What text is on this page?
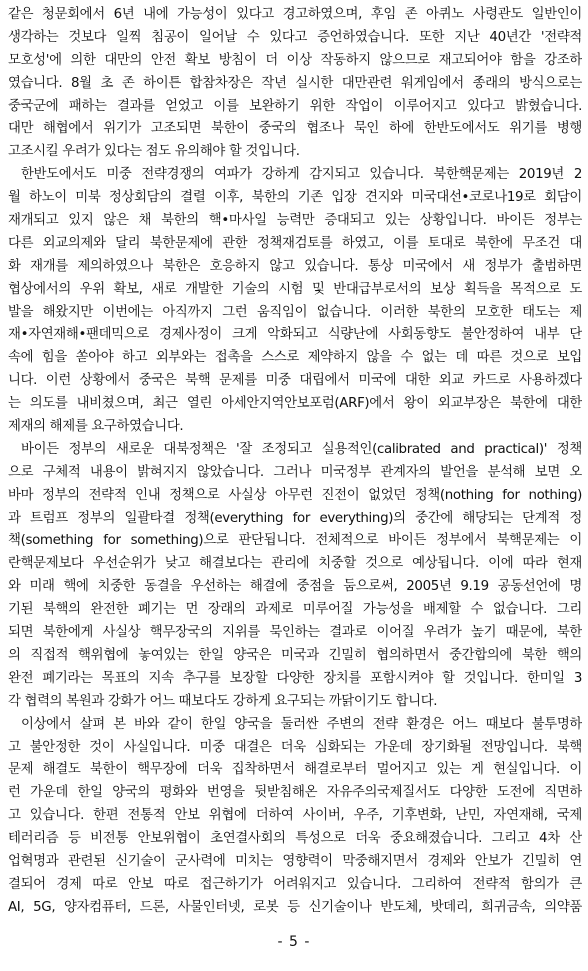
같은 청문회에서 6년 내에 가능성이 있다고 경고하였으며, 후임 존 아퀴노 사령관도 일반인이
생각하는 것보다 일찍 침공이 일어날 수 있다고 증언하였습니다. 또한 지난 40년간 '전략적
모호성'에 의한 대만의 안전 확보 방침이 더 이상 작동하지 않으므로 재고되어야 함을 강조하
였습니다. 8월 초 존 하이튼 합참차장은 작년 실시한 대만관련 워게임에서 종래의 방식으로는
중국군에 패하는 결과를 얻었고 이를 보완하기 위한 작업이 이루어지고 있다고 밝혔습니다.
대만 해협에서 위기가 고조되면 북한이 중국의 협조나 묵인 하에 한반도에서도 위기를 병행
고조시킬 우려가 있다는 점도 유의해야 할 것입니다.
한반도에서도 미중 전략경쟁의 여파가 강하게 감지되고 있습니다. 북한핵문제는 2019년 2
월 하노이 미북 정상회담의 결렬 이후, 북한의 기존 입장 견지와 미국대선•코로나19로 회담이
재개되고 있지 않은 채 북한의 핵•마사일 능력만 증대되고 있는 상황입니다. 바이든 정부는
다른 외교의제와 달리 북한문제에 관한 정책재검토를 하였고, 이를 토대로 북한에 무조건 대
화 재개를 제의하였으나 북한은 호응하지 않고 있습니다. 통상 미국에서 새 정부가 출범하면
협상에서의 우위 확보, 새로 개발한 기술의 시험 및 반대급부로서의 보상 획득을 목적으로 도
발을 해왔지만 이번에는 아직까지 그런 움직임이 없습니다. 이러한 북한의 모호한 태도는 제
재•자연재해•팬데믹으로 경제사정이 크게 악화되고 식량난에 사회동향도 불안정하여 내부 단
속에 힘을 쏟아야 하고 외부와는 접촉을 스스로 제약하지 않을 수 없는 데 따른 것으로 보입
니다. 이런 상황에서 중국은 북핵 문제를 미중 대립에서 미국에 대한 외교 카드로 사용하겠다
는 의도를 내비쳤으며, 최근 열린 아세안지역안보포럼(ARF)에서 왕이 외교부장은 북한에 대한
제재의 해제를 요구하였습니다.
바이든 정부의 새로운 대북정책은 '잘 조정되고 실용적인(calibrated and practical)' 정책
으로 구체적 내용이 밝혀지지 않았습니다. 그러나 미국정부 관계자의 발언을 분석해 보면 오
바마 정부의 전략적 인내 정책으로 사실상 아무런 진전이 없었던 정책(nothing for nothing)
과 트럼프 정부의 일괄타결 정책(everything for everything)의 중간에 해당되는 단계적 정
책(something for something)으로 판단됩니다. 전체적으로 바이든 정부에서 북핵문제는 이
란핵문제보다 우선순위가 낮고 해결보다는 관리에 치중할 것으로 예상됩니다. 이에 따라 현재
와 미래 핵에 치중한 동결을 우선하는 해결에 중점을 둠으로써, 2005년 9.19 공동선언에 명
기된 북핵의 완전한 폐기는 먼 장래의 과제로 미루어질 가능성을 배제할 수 없습니다. 그리
되면 북한에게 사실상 핵무장국의 지위를 묵인하는 결과로 이어질 우려가 높기 때문에, 북한
의 직접적 핵위협에 놓여있는 한일 양국은 미국과 긴밀히 협의하면서 중간합의에 북한 핵의
완전 폐기라는 목표의 지속 추구를 보장할 다양한 장치를 포함시켜야 할 것입니다. 한미일 3
각 협력의 복원과 강화가 어느 때보다도 강하게 요구되는 까닭이기도 합니다.
이상에서 살펴 본 바와 같이 한일 양국을 둘러싼 주변의 전략 환경은 어느 때보다 불투명하
고 불안정한 것이 사실입니다. 미중 대결은 더욱 심화되는 가운데 장기화될 전망입니다. 북핵
문제 해결도 북한이 핵무장에 더욱 집착하면서 해결로부터 멀어지고 있는 게 현실입니다. 이
런 가운데 한일 양국의 평화와 번영을 뒷받침해온 자유주의국제질서도 다양한 도전에 직면하
고 있습니다. 한편 전통적 안보 위협에 더하여 사이버, 우주, 기후변화, 난민, 자연재해, 국제
테러리즘 등 비전통 안보위협이 초연결사회의 특성으로 더욱 중요해졌습니다. 그리고 4차 산
업혁명과 관련된 신기술이 군사력에 미치는 영향력이 막중해지면서 경제와 안보가 긴밀히 연
결되어 경제 따로 안보 따로 접근하기가 어려워지고 있습니다. 그리하여 전략적 함의가 큰
AI, 5G, 양자컴퓨터, 드론, 사물인터넷, 로봇 등 신기술이나 반도체, 밧데리, 희귀금속, 의약품
- 5 -
